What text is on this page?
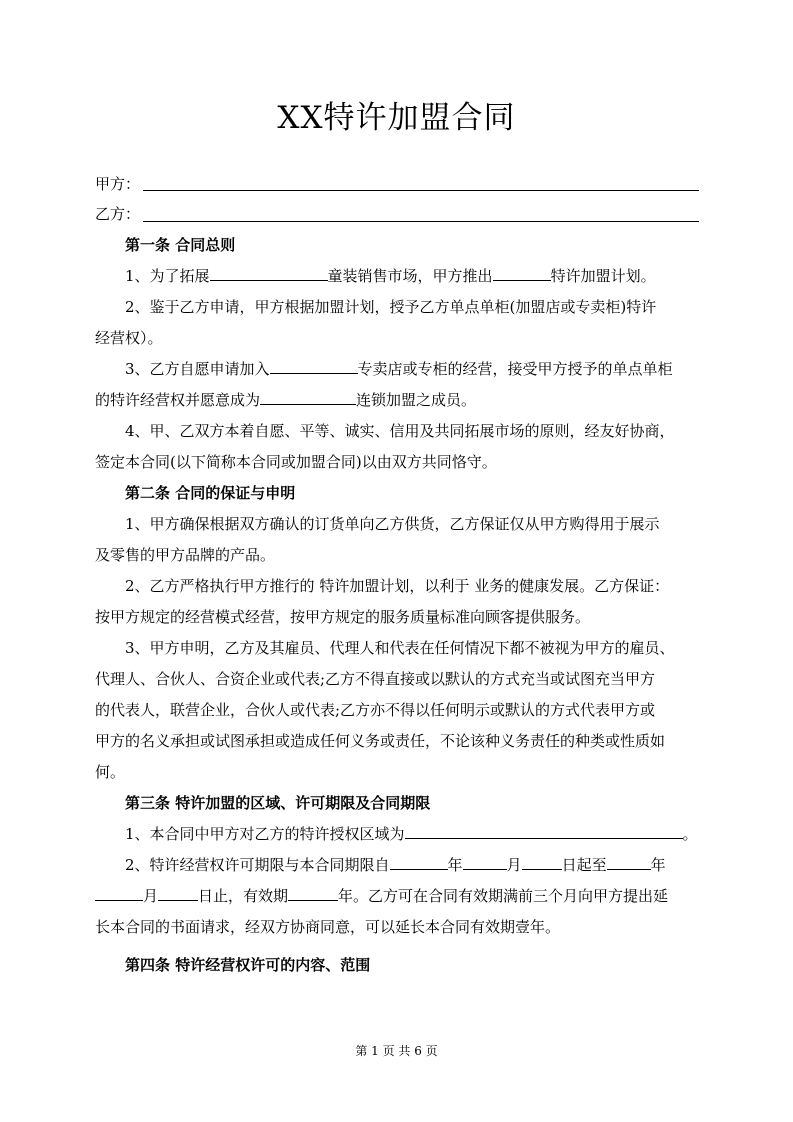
XX特许加盟合同
甲方：
乙方：
第一条 合同总则
1、为了拓展	童装销售市场，甲方推出	特许加盟计划。
2、鉴于乙方申请，甲方根据加盟计划，授予乙方单点单柜(加盟店或专卖柜)特许
经营权）。
3、乙方自愿申请加入	专卖店或专柜的经营，接受甲方授予的单点单柜
的特许经营权并愿意成为	连锁加盟之成员。
4、甲、乙双方本着自愿、平等、诚实、信用及共同拓展市场的原则，经友好协商，
签定本合同(以下简称本合同或加盟合同)以由双方共同恪守。
第二条 合同的保证与申明
1、甲方确保根据双方确认的订货单向乙方供货，乙方保证仅从甲方购得用于展示
及零售的甲方品牌的产品。
2、乙方严格执行甲方推行的 特许加盟计划，以利于 业务的健康发展。乙方保证：
按甲方规定的经营模式经营，按甲方规定的服务质量标准向顾客提供服务。
3、甲方申明，乙方及其雇员、代理人和代表在任何情况下都不被视为甲方的雇员、
代理人、合伙人、合资企业或代表;乙方不得直接或以默认的方式充当或试图充当甲方
的代表人，联营企业，合伙人或代表;乙方亦不得以任何明示或默认的方式代表甲方或
甲方的名义承担或试图承担或造成任何义务或责任，不论该种义务责任的种类或性质如
何。
第三条 特许加盟的区域、许可期限及合同期限
1、本合同中甲方对乙方的特许授权区域为	。
2、特许经营权许可期限与本合同期限自	年	月	日起至	年
月	日止，有效期	年。乙方可在合同有效期满前三个月向甲方提出延
长本合同的书面请求，经双方协商同意，可以延长本合同有效期壹年。
第四条 特许经营权许可的内容、范围
第 1 页 共 6 页
